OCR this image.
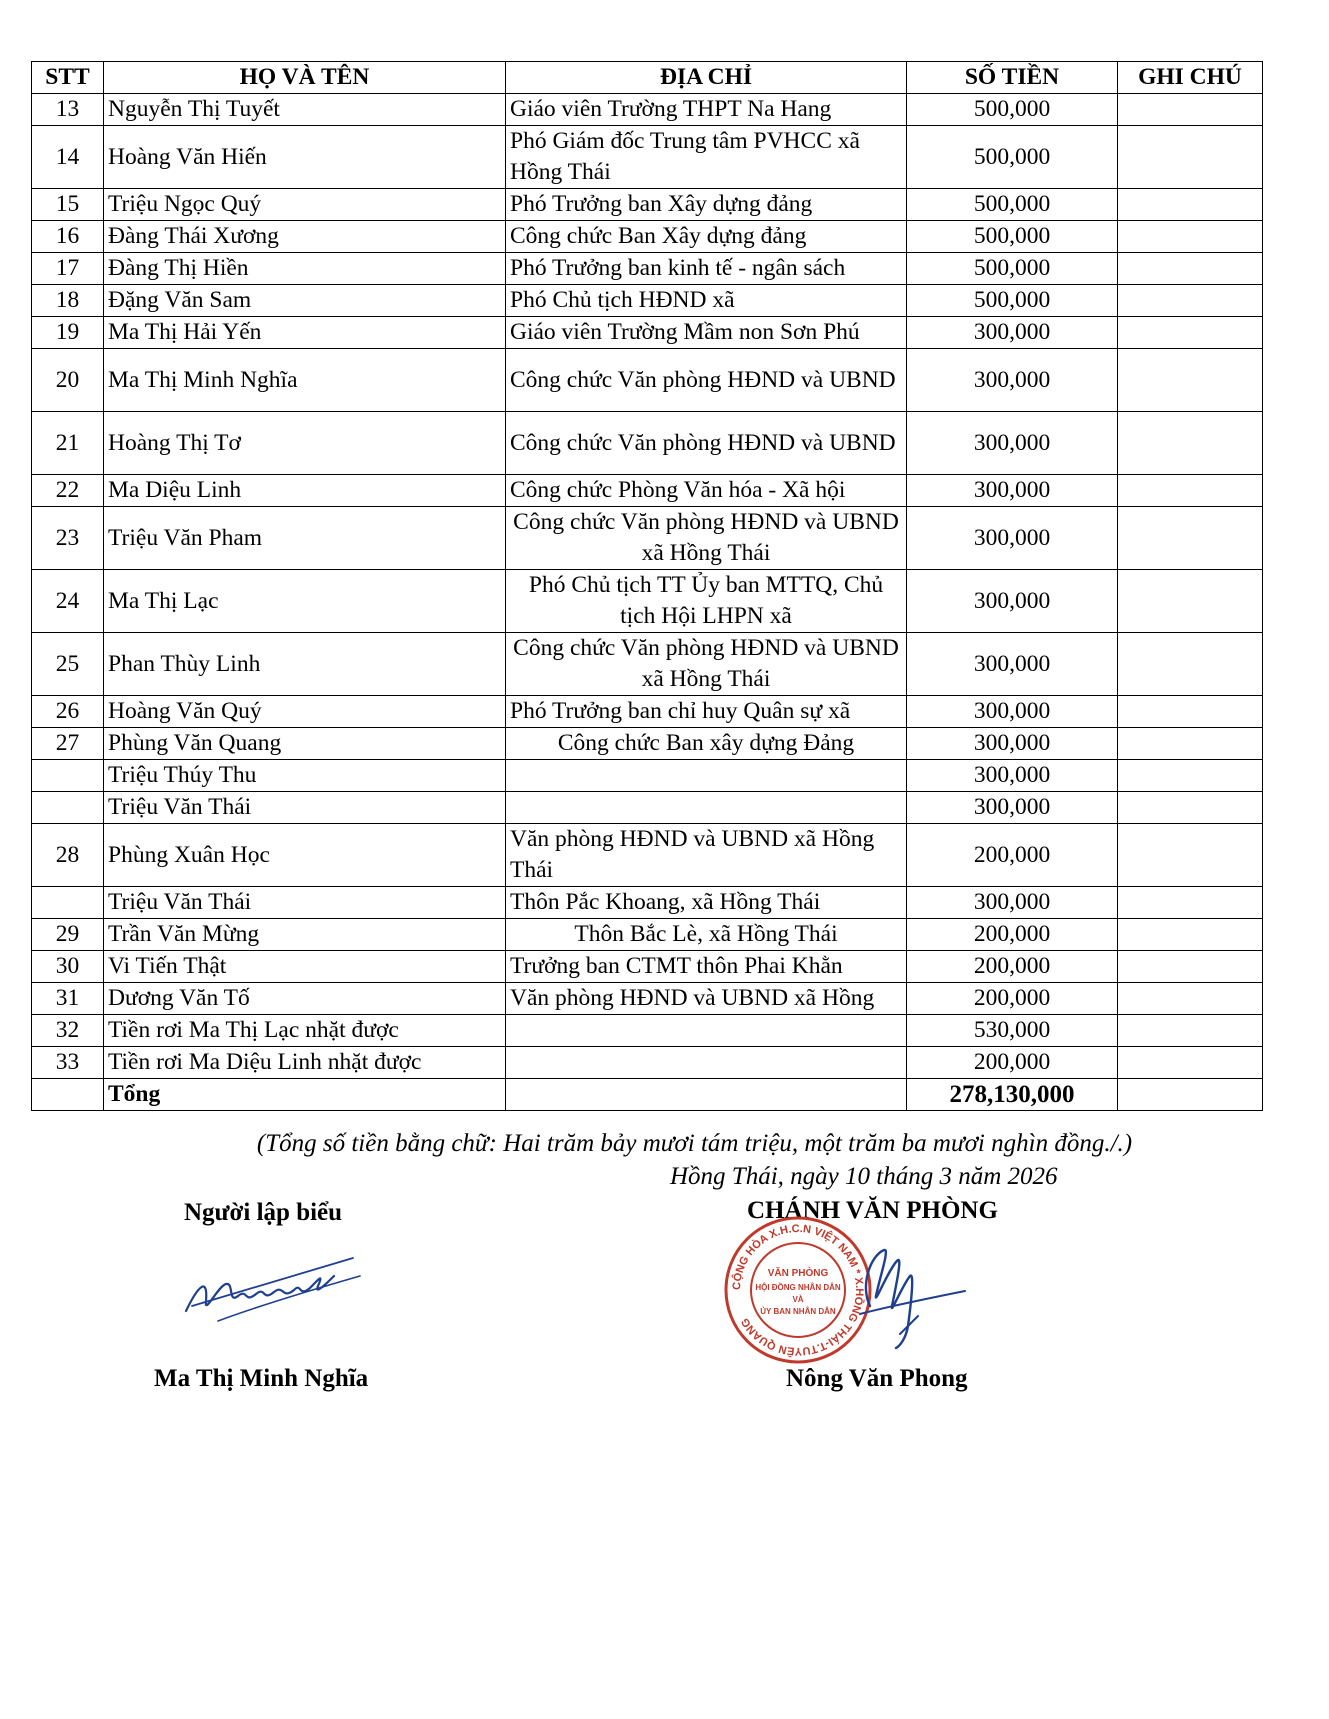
STT	HỌ VÀ TÊN	ĐỊA CHỈ	SỐ TIỀN	GHI CHÚ
13	Nguyễn Thị Tuyết	Giáo viên Trường THPT Na Hang	500,000	
14	Hoàng Văn Hiến	Phó Giám đốc Trung tâm PVHCC xã Hồng Thái	500,000	
15	Triệu Ngọc Quý	Phó Trưởng ban Xây dựng đảng	500,000	
16	Đàng Thái Xương	Công chức Ban Xây dựng đảng	500,000	
17	Đàng Thị Hiền	Phó Trưởng ban kinh tế - ngân sách	500,000	
18	Đặng Văn Sam	Phó Chủ tịch HĐND xã	500,000	
19	Ma Thị Hải Yến	Giáo viên Trường Mầm non Sơn Phú	300,000	
20	Ma Thị Minh Nghĩa	Công chức Văn phòng HĐND và UBND	300,000	
21	Hoàng Thị Tơ	Công chức Văn phòng HĐND và UBND	300,000	
22	Ma Diệu Linh	Công chức Phòng Văn hóa - Xã hội	300,000	
23	Triệu Văn Pham	Công chức Văn phòng HĐND và UBND xã Hồng Thái	300,000	
24	Ma Thị Lạc	Phó Chủ tịch TT Ủy ban MTTQ, Chủ tịch Hội LHPN xã	300,000	
25	Phan Thùy Linh	Công chức Văn phòng HĐND và UBND xã Hồng Thái	300,000	
26	Hoàng Văn Quý	Phó Trưởng ban chỉ huy Quân sự xã	300,000	
27	Phùng Văn Quang	Công chức Ban xây dựng Đảng	300,000	
	Triệu Thúy Thu		300,000	
	Triệu Văn Thái		300,000	
28	Phùng Xuân Học	Văn phòng HĐND và UBND xã Hồng Thái	200,000	
	Triệu Văn Thái	Thôn Pắc Khoang, xã Hồng Thái	300,000	
29	Trần Văn Mừng	Thôn Bắc Lè, xã Hồng Thái	200,000	
30	Vi Tiến Thật	Trưởng ban CTMT thôn Phai Khằn	200,000	
31	Dương Văn Tố	Văn phòng HĐND và UBND xã Hồng	200,000	
32	Tiền rơi Ma Thị Lạc nhặt được		530,000	
33	Tiền rơi Ma Diệu Linh nhặt được		200,000	
	Tổng		278,130,000	
(Tổng số tiền bằng chữ: Hai trăm bảy mươi tám triệu, một trăm ba mươi nghìn đồng./.)
Hồng Thái, ngày 10 tháng 3 năm 2026
Người lập biểu	CHÁNH VĂN PHÒNG
CỘNG HÒA X.H.C.N VIỆT NAM * X.HỒNG THÁI-T.TUYÊN QUANG
VĂN PHÒNG
HỘI ĐỒNG NHÂN DÂN
VÀ
ỦY BAN NHÂN DÂN
Ma Thị Minh Nghĩa	Nông Văn Phong
